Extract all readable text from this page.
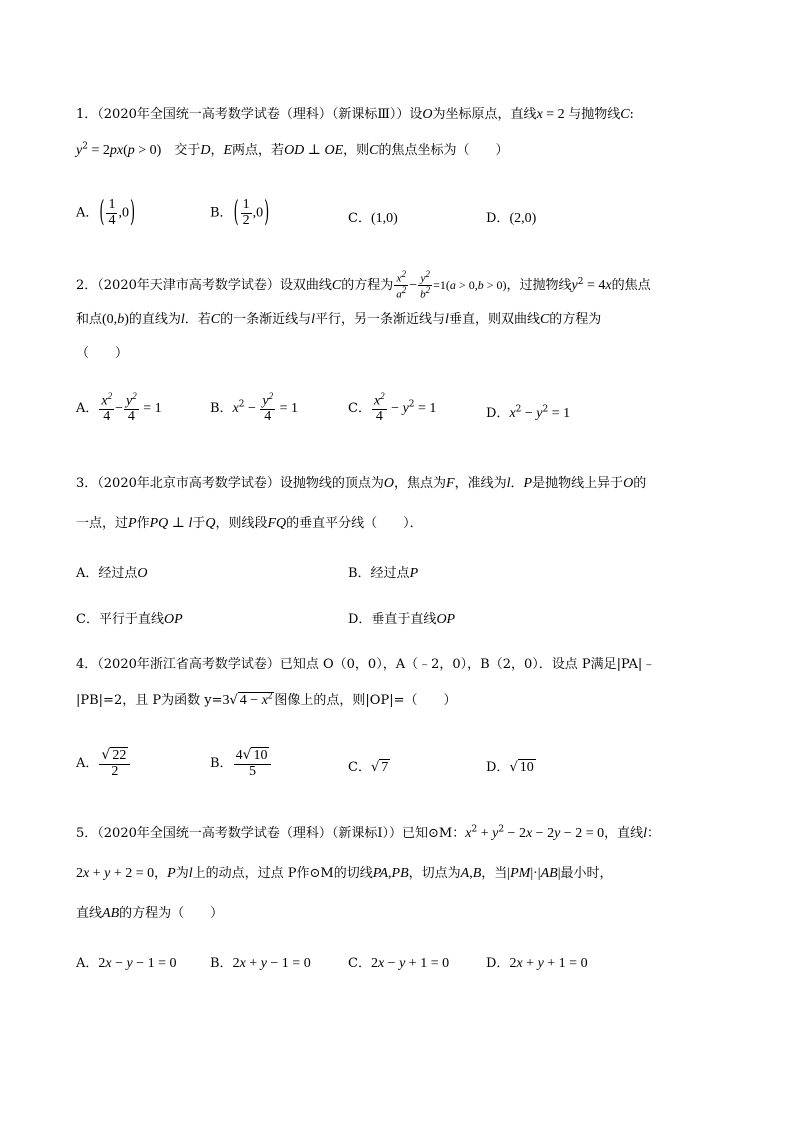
1．（2020年全国统一高考数学试卷（理科）（新课标Ⅲ））设O为坐标原点，直线x = 2 与抛物线C:
$y^2 = 2px(p > 0)$　 交于D，E两点，若OD ⊥ OE，则C的焦点坐标为（　　）
A．( $\frac{1}{4} ,0$)	B．( $\frac{1}{2} ,0$)	C．(1,0)	D．(2,0)
2．（2020年天津市高考数学试卷）设双曲线C的方程为 $\frac{x^2}{a^2} - \frac{y^2}{b^2} =1(a > 0,b > 0)$，过抛物线$y^2 = 4x$的焦点
和点(0,b)的直线为l．若C的一条渐近线与l平行，另一条渐近线与l垂直，则双曲线C的方程为
（　　）
A． $\frac{x^2}{4} - \frac{y^2}{4} = 1$	B．$x^2 - \frac{y^2}{4} = 1$	C． $\frac{x^2}{4} - y^2 = 1$	D．$x^2 - y^2 = 1$
3．（2020年北京市高考数学试卷）设抛物线的顶点为O，焦点为F，准线为l．P是抛物线上异于O的
一点，过P作PQ ⊥ l于Q，则线段FQ的垂直平分线（　　）．
A．经过点O	B．经过点P
C．平行于直线OP	D．垂直于直线OP
4．（2020年浙江省高考数学试卷）已知点 O（0，0），A（﹣2，0），B（2，0）．设点 P满足|PA|﹣
|PB|=2，且 P为函数 y=3√ $4 - x^2$ 图像上的点，则|OP|=（　　）
A． $\frac{√ 22}{2}$	B． $\frac{4√ 10}{5}$	C．√ 7	D．√ 10
5．（2020年全国统一高考数学试卷（理科）（新课标Ⅰ））已知⊙M：$x^2 + y^2 - 2x - 2y - 2 = 0$，直线l：
2x + y + 2 = 0，P为l上的动点，过点 P作⊙M的切线PA,PB，切点为A,B，当|PM|·|AB|最小时，
直线AB的方程为（　　）
A．2x − y − 1 = 0	B．2x + y − 1 = 0	C．2x − y + 1 = 0	D．2x + y + 1 = 0
